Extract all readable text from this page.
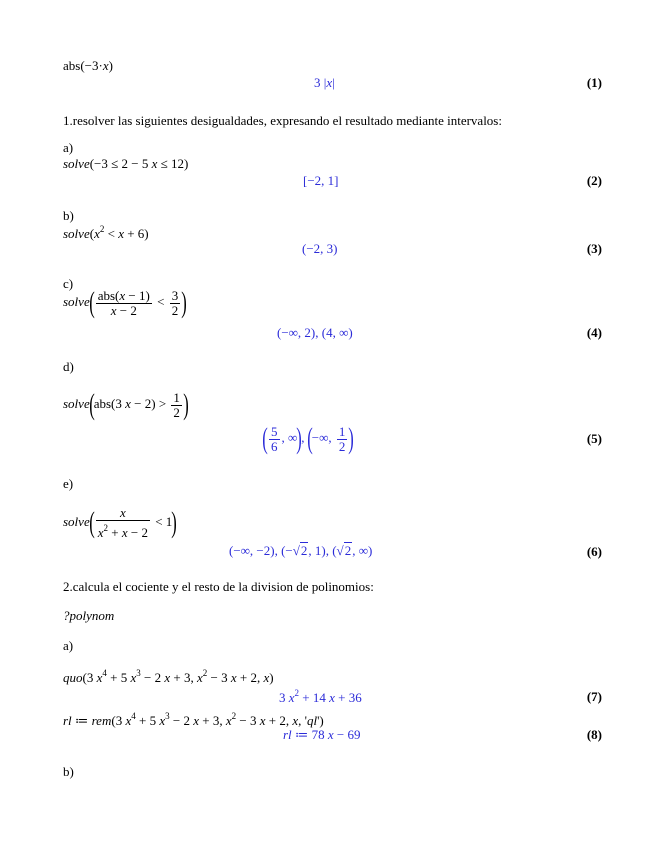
abs(−3·x)
3 |x|	(1)
1.resolver las siguientes desigualdades, expresando el resultado mediante intervalos:
a)
solve(−3 ≤ 2 − 5 x ≤ 12)
[−2, 1]	(2)
b)
$solve(x^2 < x + 6)$
(−2, 3)	(3)
c)
solve( $\frac{\text{abs(x − 1)}}{x - 2} < \frac{3}{2}$ )
(−∞, 2), (4, ∞)	(4)
d)
solve(abs(3 $x - 2) > \frac{1}{2}$ )
( $\frac{5}{6}$ , ∞), (−∞, $\frac{1}{2}$ )	(5)
e)
solve( $\frac{x}{x^2 + x - 2} < 1$)
(−∞, −2), (−√2, 1), (√2, ∞)	(6)
2.calcula el cociente y el resto de la division de polinomios:
?polynom
a)
quo(3 $x^4 + 5$ $x^3 - 2$ x + 3, $x^2 - 3$ x + 2, x)
3 $x^2 + 14$ x + 36	(7)
rl ≔ rem(3 $x^4 + 5$ $x^3 - 2$ x + 3, $x^2 - 3$ x + 2, x, 'ql')
rl ≔ 78 x − 69	(8)
b)
